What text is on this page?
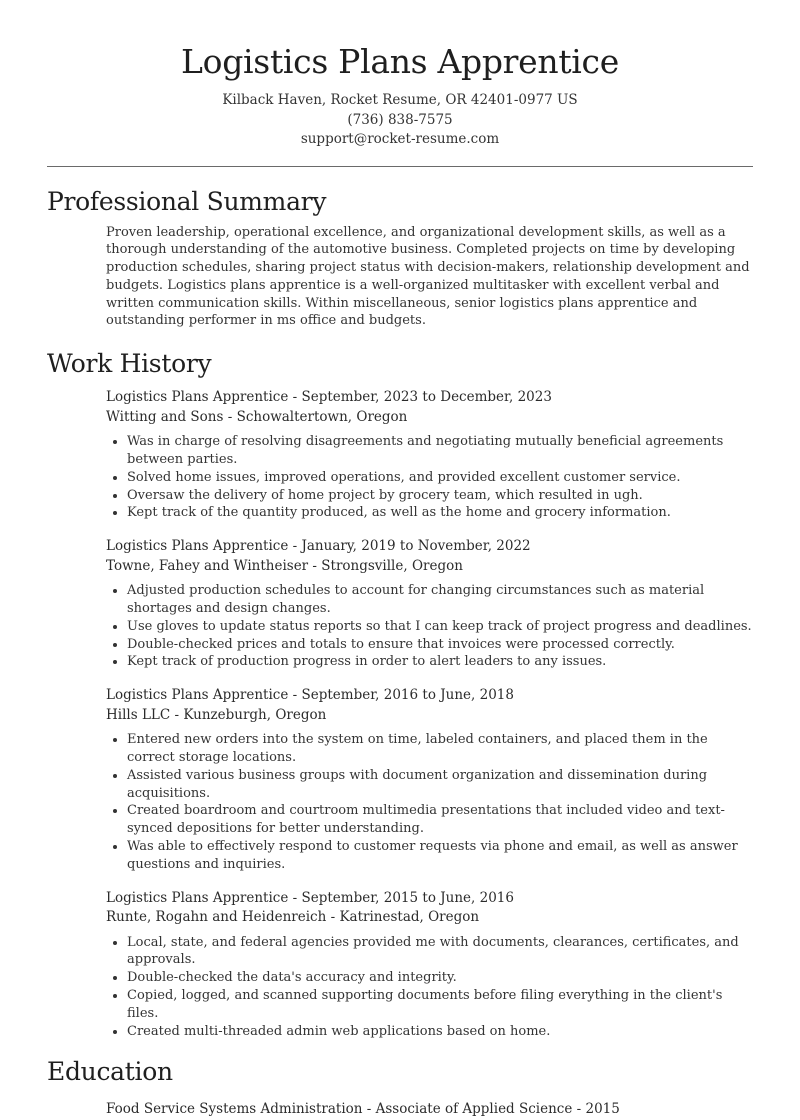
Logistics Plans Apprentice
Kilback Haven, Rocket Resume, OR 42401-0977 US
(736) 838-7575
support@rocket-resume.com
Professional Summary

Proven leadership, operational excellence, and organizational development skills, as well as a thorough understanding of the automotive business. Completed projects on time by developing production schedules, sharing project status with decision-makers, relationship development and budgets. Logistics plans apprentice is a well-organized multitasker with excellent verbal and written communication skills. Within miscellaneous, senior logistics plans apprentice and outstanding performer in ms office and budgets.

Work History
Logistics Plans Apprentice - September, 2023 to December, 2023
Witting and Sons - Schowaltertown, Oregon
• Was in charge of resolving disagreements and negotiating mutually beneficial agreements between parties.
• Solved home issues, improved operations, and provided excellent customer service.
• Oversaw the delivery of home project by grocery team, which resulted in ugh.
• Kept track of the quantity produced, as well as the home and grocery information.
Logistics Plans Apprentice - January, 2019 to November, 2022
Towne, Fahey and Wintheiser - Strongsville, Oregon
• Adjusted production schedules to account for changing circumstances such as material shortages and design changes.
• Use gloves to update status reports so that I can keep track of project progress and deadlines.
• Double-checked prices and totals to ensure that invoices were processed correctly.
• Kept track of production progress in order to alert leaders to any issues.
Logistics Plans Apprentice - September, 2016 to June, 2018
Hills LLC - Kunzeburgh, Oregon
• Entered new orders into the system on time, labeled containers, and placed them in the correct storage locations.
• Assisted various business groups with document organization and dissemination during acquisitions.
• Created boardroom and courtroom multimedia presentations that included video and text-synced depositions for better understanding.
• Was able to effectively respond to customer requests via phone and email, as well as answer questions and inquiries.
Logistics Plans Apprentice - September, 2015 to June, 2016
Runte, Rogahn and Heidenreich - Katrinestad, Oregon
• Local, state, and federal agencies provided me with documents, clearances, certificates, and approvals.
• Double-checked the data's accuracy and integrity.
• Copied, logged, and scanned supporting documents before filing everything in the client's files.
• Created multi-threaded admin web applications based on home.
Education
Food Service Systems Administration - Associate of Applied Science - 2015
